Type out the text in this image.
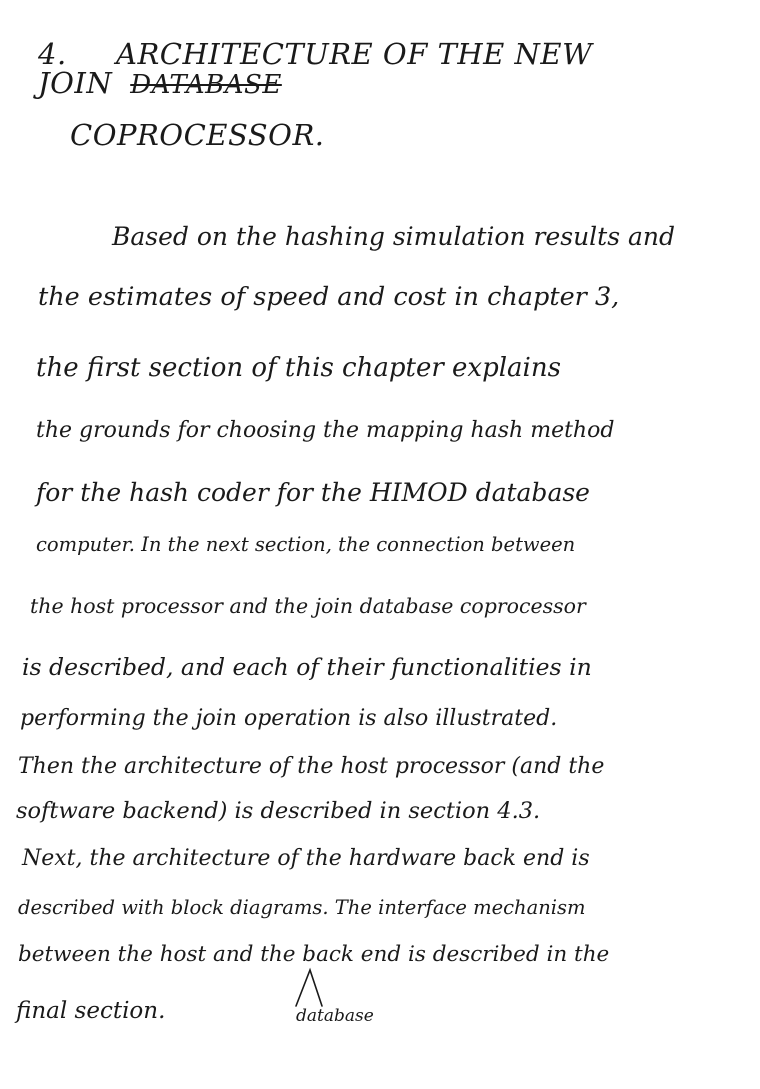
4. ARCHITECTURE OF THE NEW JOIN DATABASE
COPROCESSOR.
Based on the hashing simulation results and
the estimates of speed and cost in chapter 3,
the first section of this chapter explains
the grounds for choosing the mapping hash method
for the hash coder for the HIMOD database
computer. In the next section, the connection between
the host processor and the join database coprocessor
is described, and each of their functionalities in
performing the join operation is also illustrated.
Then the architecture of the host processor (and the
software backend) is described in section 4.3.
Next, the architecture of the hardware back end is
described with block diagrams. The interface mechanism
between the host and the back end is described in the
final section.	database
